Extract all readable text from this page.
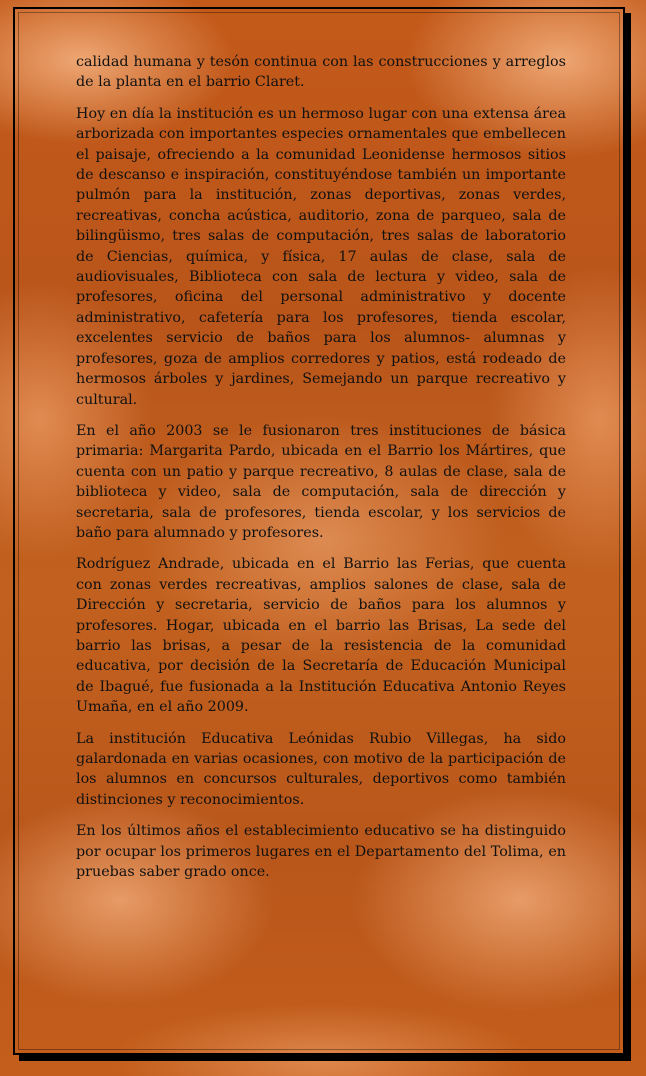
calidad humana y tesón continua con las construcciones y arreglos de la planta en el barrio Claret.

Hoy en día la institución es un hermoso lugar con una extensa área arborizada con importantes especies ornamentales que embellecen el paisaje, ofreciendo a la comunidad Leonidense hermosos sitios de descanso e inspiración, constituyéndose también un importante pulmón para la institución, zonas deportivas, zonas verdes, recreativas, concha acústica, auditorio, zona de parqueo, sala de bilingüismo, tres salas de computación, tres salas de laboratorio de Ciencias, química, y física, 17 aulas de clase, sala de audiovisuales, Biblioteca con sala de lectura y video, sala de profesores, oficina del personal administrativo y docente administrativo, cafetería para los profesores, tienda escolar, excelentes servicio de baños para los alumnos- alumnas y profesores, goza de amplios corredores y patios, está rodeado de hermosos árboles y jardines, Semejando un parque recreativo y cultural.

En el año 2003 se le fusionaron tres instituciones de básica primaria: Margarita Pardo, ubicada en el Barrio los Mártires, que cuenta con un patio y parque recreativo, 8 aulas de clase, sala de biblioteca y video, sala de computación, sala de dirección y secretaria, sala de profesores, tienda escolar, y los servicios de baño para alumnado y profesores.

Rodríguez Andrade, ubicada en el Barrio las Ferias, que cuenta con zonas verdes recreativas, amplios salones de clase, sala de Dirección y secretaria, servicio de baños para los alumnos y profesores. Hogar, ubicada en el barrio las Brisas, La sede del barrio las brisas, a pesar de la resistencia de la comunidad educativa, por decisión de la Secretaría de Educación Municipal de Ibagué, fue fusionada a la Institución Educativa Antonio Reyes Umaña, en el año 2009.

La institución Educativa Leónidas Rubio Villegas, ha sido galardonada en varias ocasiones, con motivo de la participación de los alumnos en concursos culturales, deportivos como también distinciones y reconocimientos.

En los últimos años el establecimiento educativo se ha distinguido por ocupar los primeros lugares en el Departamento del Tolima, en pruebas saber grado once.
